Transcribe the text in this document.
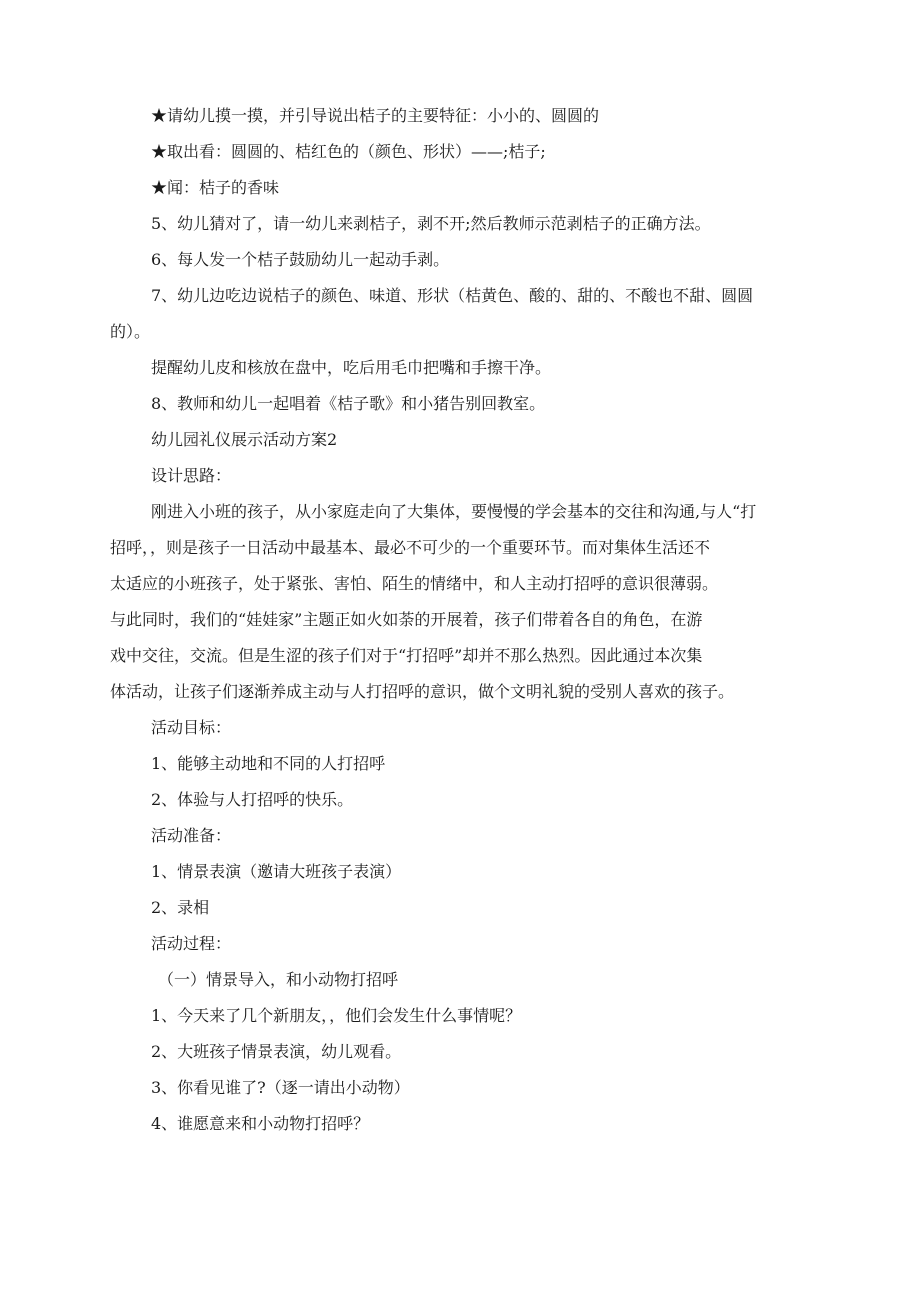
★请幼儿摸一摸，并引导说出桔子的主要特征：小小的、圆圆的
★取出看：圆圆的、桔红色的（颜色、形状）——;桔子;
★闻：桔子的香味
5、幼儿猜对了，请一幼儿来剥桔子，剥不开;然后教师示范剥桔子的正确方法。
6、每人发一个桔子鼓励幼儿一起动手剥。
7、幼儿边吃边说桔子的颜色、味道、形状（桔黄色、酸的、甜的、不酸也不甜、圆圆
的）。
提醒幼儿皮和核放在盘中，吃后用毛巾把嘴和手擦干净。
8、教师和幼儿一起唱着《桔子歌》和小猪告别回教室。
幼儿园礼仪展示活动方案2
设计思路：
刚进入小班的孩子，从小家庭走向了大集体，要慢慢的学会基本的交往和沟通,与人“打
招呼，，则是孩子一日活动中最基本、最必不可少的一个重要环节。而对集体生活还不
太适应的小班孩子，处于紧张、害怕、陌生的情绪中，和人主动打招呼的意识很薄弱。
与此同时，我们的“娃娃家”主题正如火如荼的开展着，孩子们带着各自的角色，在游
戏中交往，交流。但是生涩的孩子们对于“打招呼”却并不那么热烈。因此通过本次集
体活动，让孩子们逐渐养成主动与人打招呼的意识，做个文明礼貌的受别人喜欢的孩子。
活动目标：
1、能够主动地和不同的人打招呼
2、体验与人打招呼的快乐。
活动准备：
1、情景表演（邀请大班孩子表演）
2、录相
活动过程：
（一）情景导入，和小动物打招呼
1、今天来了几个新朋友，，他们会发生什么事情呢？
2、大班孩子情景表演，幼儿观看。
3、你看见谁了?（逐一请出小动物）
4、谁愿意来和小动物打招呼？
